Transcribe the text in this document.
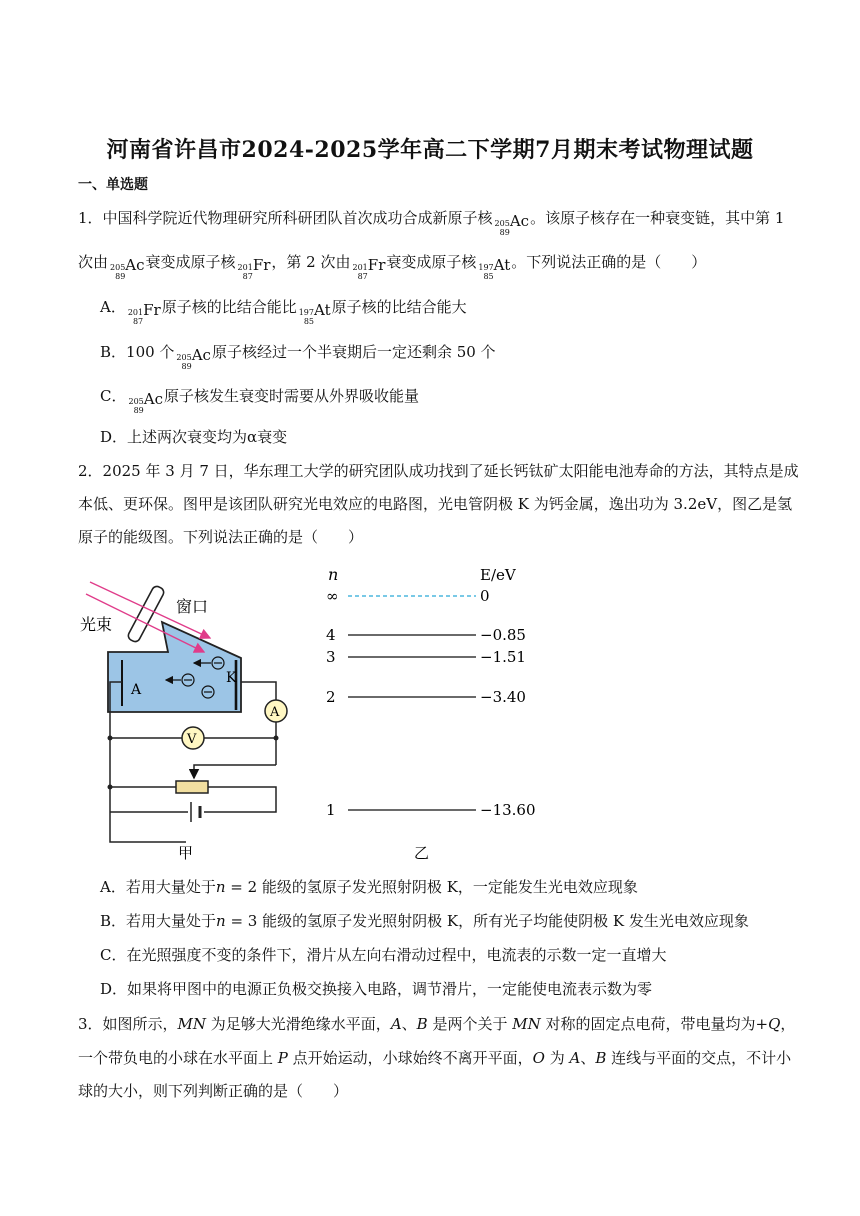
河南省许昌市2024-2025学年高二下学期7月期末考试物理试题
一、单选题
1．中国科学院近代物理研究所科研团队首次成功合成新原子核 205
89
Ac。该原子核存在一种衰变链，其中第 1
次由 205
89
Ac衰变成原子核 201
87
Fr，第 2 次由 201
87
Fr衰变成原子核 197
85
At。下列说法正确的是（　　）
A． 201
87
Fr原子核的比结合能比 197
85
At原子核的比结合能大
B．100 个 205
89
Ac原子核经过一个半衰期后一定还剩余 50 个
C． 205
89
Ac原子核发生衰变时需要从外界吸收能量
D．上述两次衰变均为α衰变
2．2025 年 3 月 7 日，华东理工大学的研究团队成功找到了延长钙钛矿太阳能电池寿命的方法，其特点是成
本低、更环保。图甲是该团队研究光电效应的电路图，光电管阴极 K 为钙金属，逸出功为 3.2eV，图乙是氢
原子的能级图。下列说法正确的是（　　）
光束
窗口
A
K
A
V
甲
n	E/eV
∞	0
4	−0.85
3	−1.51
2	−3.40
1	−13.60
乙
A．若用大量处于n = 2 能级的氢原子发光照射阴极 K，一定能发生光电效应现象
B．若用大量处于n = 3 能级的氢原子发光照射阴极 K，所有光子均能使阴极 K 发生光电效应现象
C．在光照强度不变的条件下，滑片从左向右滑动过程中，电流表的示数一定一直增大
D．如果将甲图中的电源正负极交换接入电路，调节滑片，一定能使电流表示数为零
3．如图所示，MN 为足够大光滑绝缘水平面，A、B 是两个关于 MN 对称的固定点电荷，带电量均为+Q，
一个带负电的小球在水平面上 P 点开始运动，小球始终不离开平面，O 为 A、B 连线与平面的交点，不计小
球的大小，则下列判断正确的是（　　）
